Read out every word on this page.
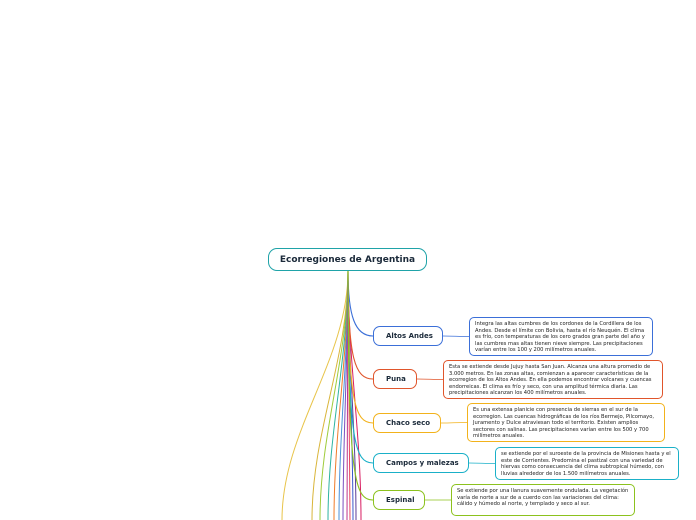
Ecorregiones de Argentina
Altos Andes
Integra las altas cumbres de los cordones de la Cordillera de los Andes. Desde el límite con Bolivia, hasta el río Neuquén. El clima es frío, con temperaturas de los cero grados gran parte del año y las cumbres mas altas tienen nieve siempre. Las precipitaciones varían entre los 100 y 200 milímetros anuales.
Puna
Esta se extiende desde Jujuy hasta San Juan. Alcanza una altura promedio de 3.000 metros. En las zonas altas, comienzan a aparecer características de la ecorregion de los Altos Andes. En ella podemos encontrar volcanes y cuencas endorreicas. El clima es frío y seco, con una amplitud térmica diaria. Las precipitaciones alcanzan los 400 milímetros anuales.
Chaco seco
Es una extensa planicie con presencia de sierras en el sur de la ecorregion. Las cuencas hidrográficas de los ríos Bermejo, Pilcomayo, Juramento y Dulce atraviesan todo el territorio. Existen amplios sectores con salinas. Las precipitaciones varían entre los 500 y 700 milímetros anuales.
Campos y malezas
se extiende por el suroeste de la provincia de Misiones hasta y el este de Corrientes. Predomina el pastizal con una variedad de hiervas como consecuencia del clima subtropical húmedo, con lluvias alrededor de los 1.500 milímetros anuales.
Espinal
Se extiende por una llanura suavemente ondulada. La vegetación varía de norte a sur de a cuerdo con las variaciones del clima: cálido y húmedo al norte, y templado y seco al sur.
